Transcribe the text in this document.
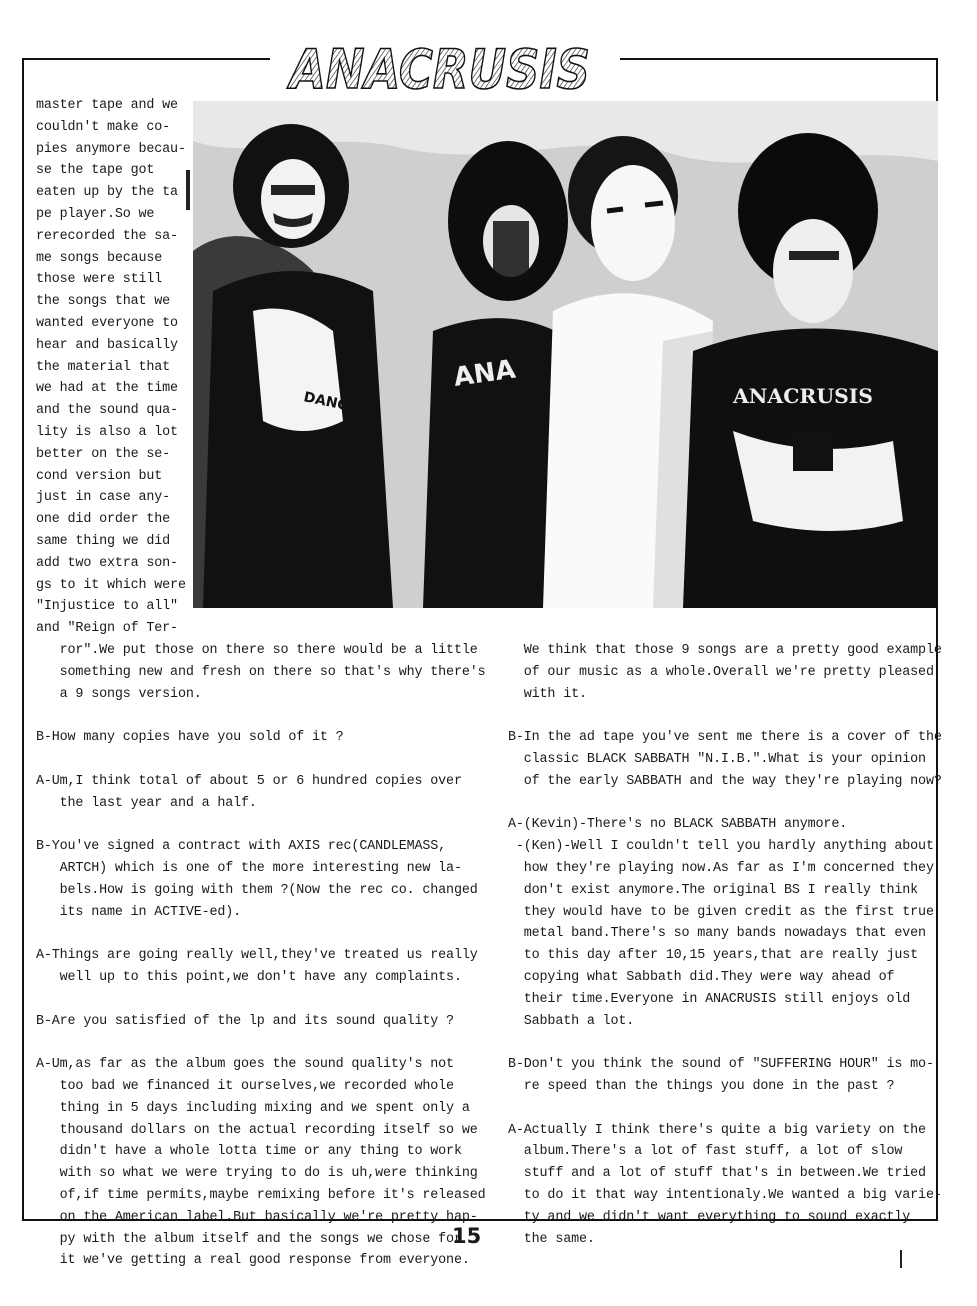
ANACRUSIS
DANCE
ANA
ANACRUSIS
master tape and we
couldn't make co-
pies anymore becau-
se the tape got
eaten up by the ta
pe player.So we
rerecorded the sa-
me songs because
those were still
the songs that we
wanted everyone to
hear and basically
the material that
we had at the time
and the sound qua-
lity is also a lot
better on the se-
cond version but
just in case any-
one did order the
same thing we did
add two extra son-
gs to it which were
"Injustice to all"
and "Reign of Ter-
ror".We put those on there so there would be a little
something new and fresh on there so that's why there's
a 9 songs version.

B-How many copies have you sold of it ?

A-Um,I think total of about 5 or 6 hundred copies over
the last year and a half.

B-You've signed a contract with AXIS rec(CANDLEMASS,
ARTCH) which is one of the more interesting new la-
bels.How is going with them ?(Now the rec co. changed
its name in ACTIVE-ed).

A-Things are going really well,they've treated us really
well up to this point,we don't have any complaints.

B-Are you satisfied of the lp and its sound quality ?

A-Um,as far as the album goes the sound quality's not
too bad we financed it ourselves,we recorded whole
thing in 5 days including mixing and we spent only a
thousand dollars on the actual recording itself so we
didn't have a whole lotta time or any thing to work
with so what we were trying to do is uh,were thinking
of,if time permits,maybe remixing before it's released
on the American label.But basically we're pretty hap-
py with the album itself and the songs we chose for
it we've getting a real good response from everyone.
We think that those 9 songs are a pretty good example
of our music as a whole.Overall we're pretty pleased
with it.

B-In the ad tape you've sent me there is a cover of the
classic BLACK SABBATH "N.I.B.".What is your opinion
of the early SABBATH and the way they're playing now?

A-(Kevin)-There's no BLACK SABBATH anymore.
-(Ken)-Well I couldn't tell you hardly anything about
how they're playing now.As far as I'm concerned they
don't exist anymore.The original BS I really think
they would have to be given credit as the first true
metal band.There's so many bands nowadays that even
to this day after 10,15 years,that are really just
copying what Sabbath did.They were way ahead of
their time.Everyone in ANACRUSIS still enjoys old
Sabbath a lot.

B-Don't you think the sound of "SUFFERING HOUR" is mo-
re speed than the things you done in the past ?

A-Actually I think there's quite a big variety on the
album.There's a lot of fast stuff, a lot of slow
stuff and a lot of stuff that's in between.We tried
to do it that way intentionaly.We wanted a big varie-
ty and we didn't want everything to sound exactly
the same.
15
